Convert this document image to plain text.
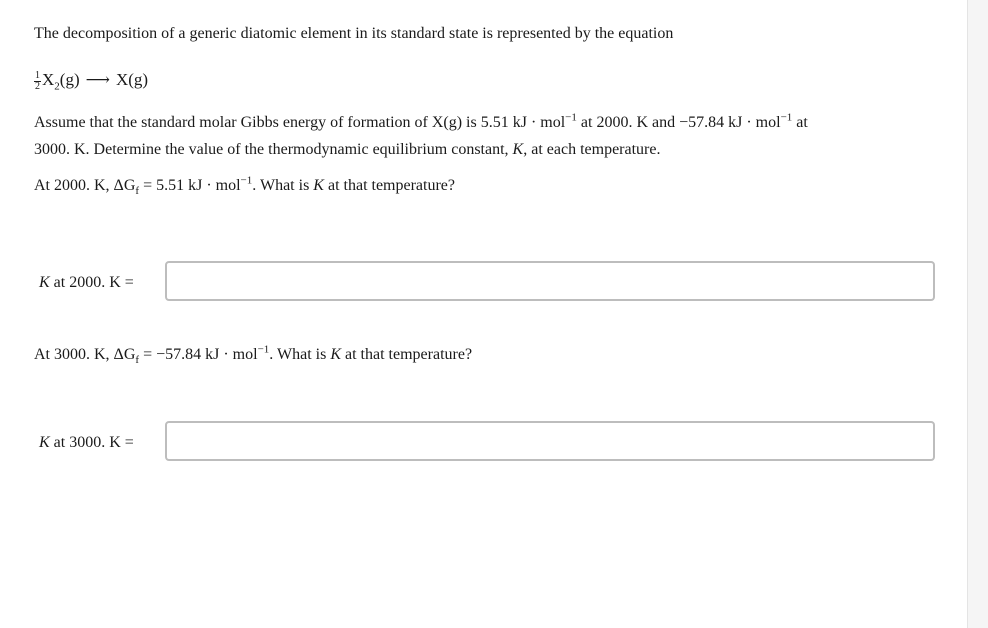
The decomposition of a generic diatomic element in its standard state is represented by the equation
$\frac{1}{2} X_2(g)$ ⟶ X(g)
Assume that the standard molar Gibbs energy of formation of X(g) is 5.51 kJ · mol$^{-1}$ at 2000. K and −57.84 kJ · mol$^{-1}$ at
3000. K. Determine the value of the thermodynamic equilibrium constant, K, at each temperature.
At 2000. K, $\Delta G_f = 5.51$ kJ · mol$^{-1}$. What is K at that temperature?
K at 2000. K =
At 3000. K, $\Delta G_f = -57.84$ kJ · mol$^{-1}$. What is K at that temperature?
K at 3000. K =
